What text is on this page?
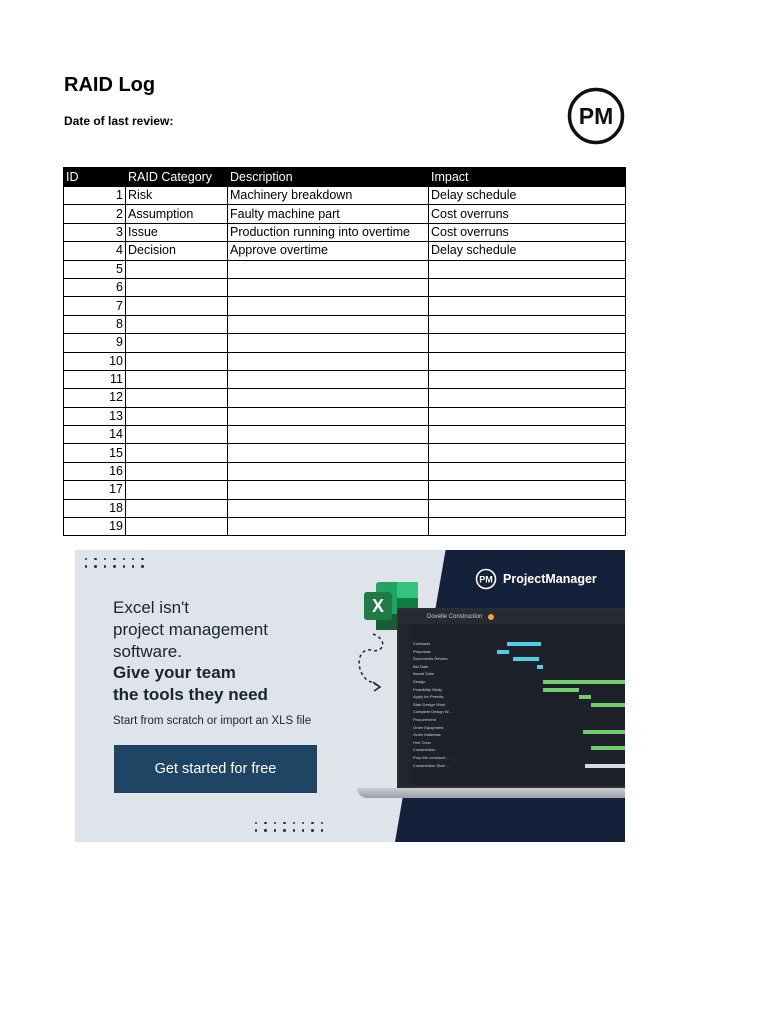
RAID Log
Date of last review:	PM
ID	RAID Category	Description	Impact
1	Risk	Machinery breakdown	Delay schedule
2	Assumption	Faulty machine part	Cost overruns
3	Issue	Production running into overtime	Cost overruns
4	Decision	Approve overtime	Delay schedule
5			
6			
7			
8			
9			
10			
11			
12			
13			
14			
15			
16			
17			
18			
19			
Excel isn't
project management
software.
Give your team
the tools they need
Start from scratch or import an XLS file
Get started for free
PM ProjectManager
X
Dovelle Construction
Contracts
Proposals
Documents Review
Bid Date
Award Date
Design
Feasibility Study
Apply for Permits
Start Design Work
Complete Design W...
Procurement
Order Equipment
Order Materials
Hire Crew
Construction
Prep the construct...
Construction Start ...
